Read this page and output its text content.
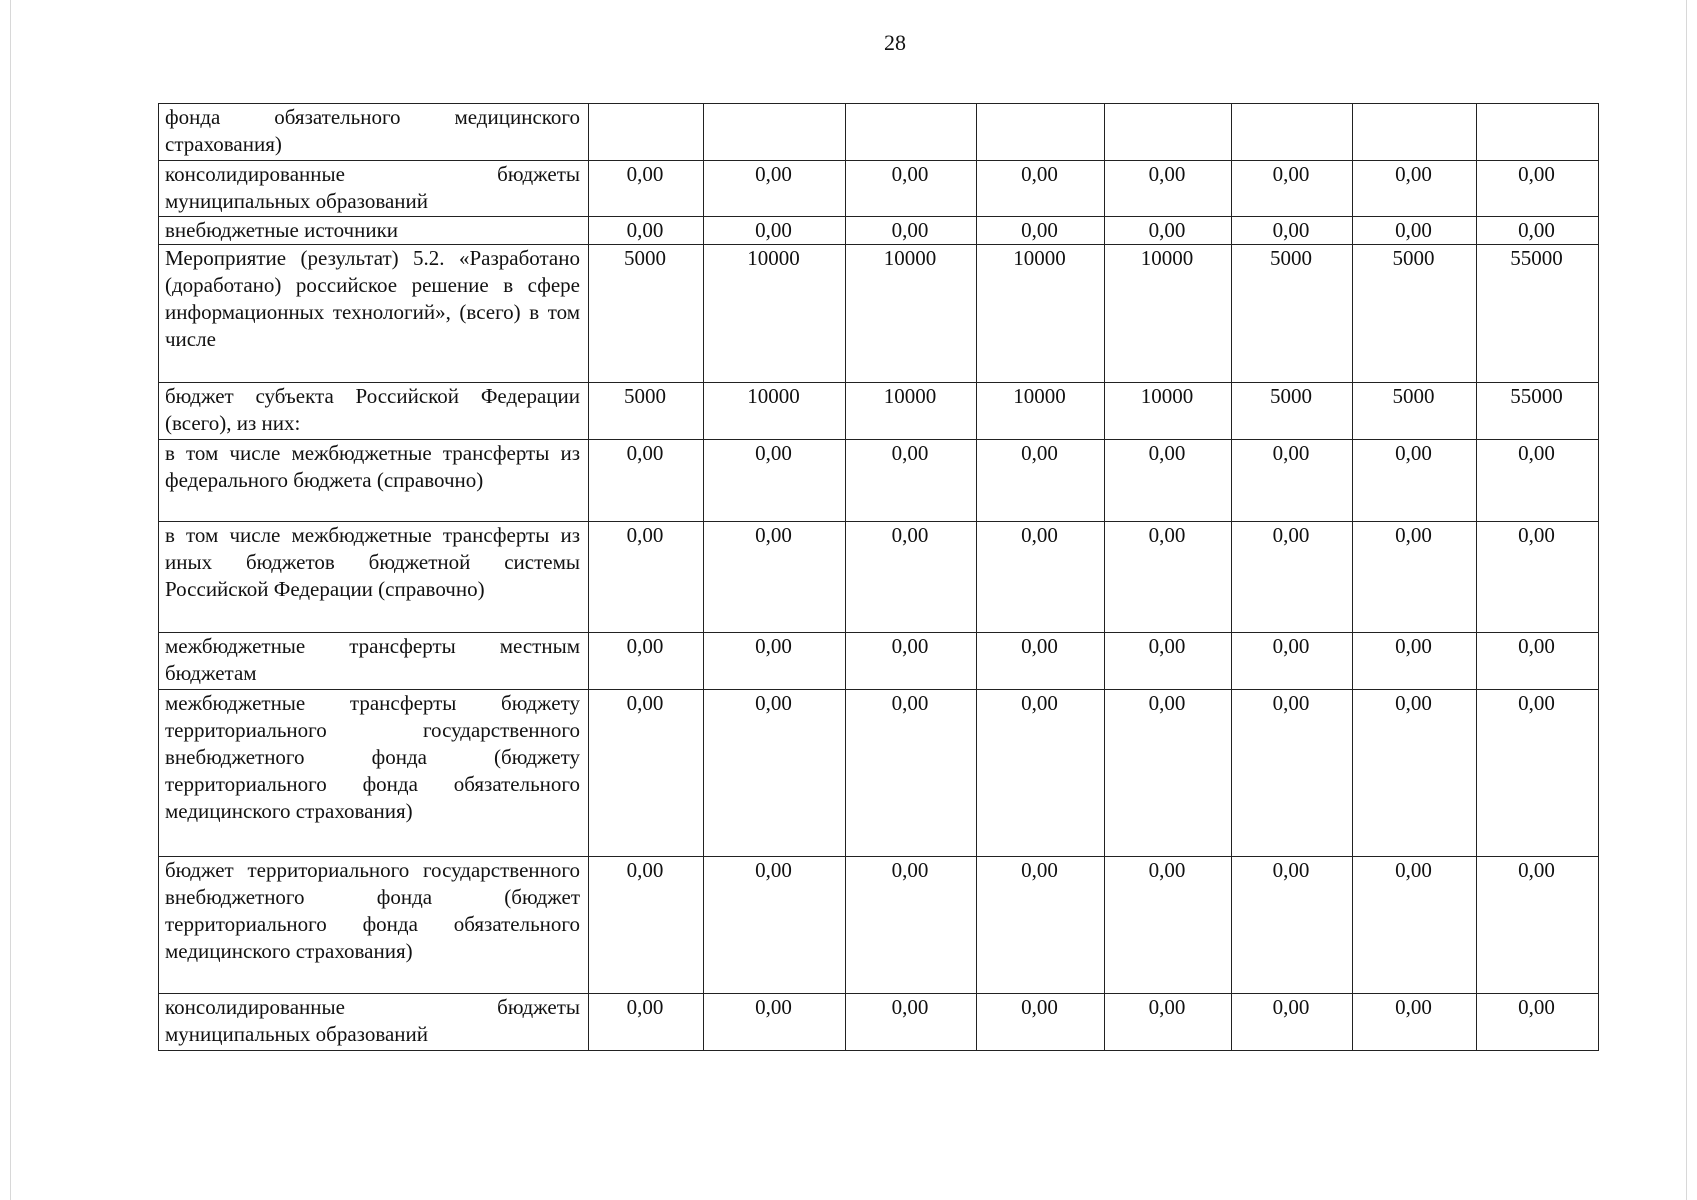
28
фонда обязательного медицинского страхования)								
консолидированные бюджеты муниципальных образований	0,00	0,00	0,00	0,00	0,00	0,00	0,00	0,00
внебюджетные источники	0,00	0,00	0,00	0,00	0,00	0,00	0,00	0,00
Мероприятие (результат) 5.2. «Разработано (доработано) российское решение в сфере информационных технологий», (всего) в том числе	5000	10000	10000	10000	10000	5000	5000	55000
бюджет субъекта Российской Федерации (всего), из них:	5000	10000	10000	10000	10000	5000	5000	55000
в том числе межбюджетные трансферты из федерального бюджета (справочно)	0,00	0,00	0,00	0,00	0,00	0,00	0,00	0,00
в том числе межбюджетные трансферты из иных бюджетов бюджетной системы Российской Федерации (справочно)	0,00	0,00	0,00	0,00	0,00	0,00	0,00	0,00
межбюджетные трансферты местным бюджетам	0,00	0,00	0,00	0,00	0,00	0,00	0,00	0,00
межбюджетные трансферты бюджету территориального государственного внебюджетного фонда (бюджету территориального фонда обязательного медицинского страхования)	0,00	0,00	0,00	0,00	0,00	0,00	0,00	0,00
бюджет территориального государственного внебюджетного фонда (бюджет территориального фонда обязательного медицинского страхования)	0,00	0,00	0,00	0,00	0,00	0,00	0,00	0,00
консолидированные бюджеты муниципальных образований	0,00	0,00	0,00	0,00	0,00	0,00	0,00	0,00
